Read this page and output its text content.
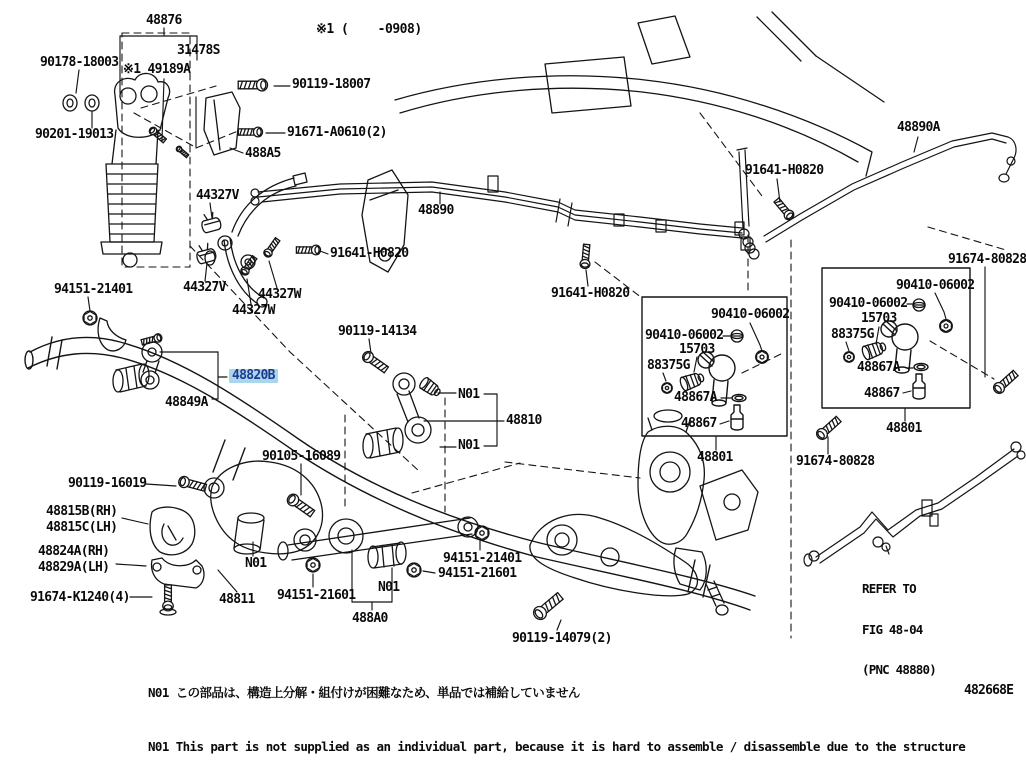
48876
31478S
90178-18003 ※1 49189A
90119-18007
90201-19013	91671-A0610(2)
488A5
44327V
48890
91641-H0820
44327V 44327W
44327W
94151-21401
90119-14134
48820B
48849A
N01
48810
N01
90105-16089
90119-16019
48815B(RH)
48815C(LH)
48824A(RH)
48829A(LH)	N01	94151-21401
94151-21601
91674-K1240(4)	48811 94151-21601
N01
488A0
90119-14079(2)
48890A
91641-H0820
91641-H0820
91674-80828
90410-06002
90410-06002
15703
88375G
48867A
48867
48801
90410-06002
90410-06002
15703
88375G
48867A
48867
48801	91674-80828
※1 (    -0908)

REFER TO

FIG 48-04

(PNC 48880)

N01 この部品は、構造上分解・組付けが困難なため、単品では補給していません

N01 This part is not supplied as an individual part, because it is hard to assemble / disassemble due to the structure

482668E
